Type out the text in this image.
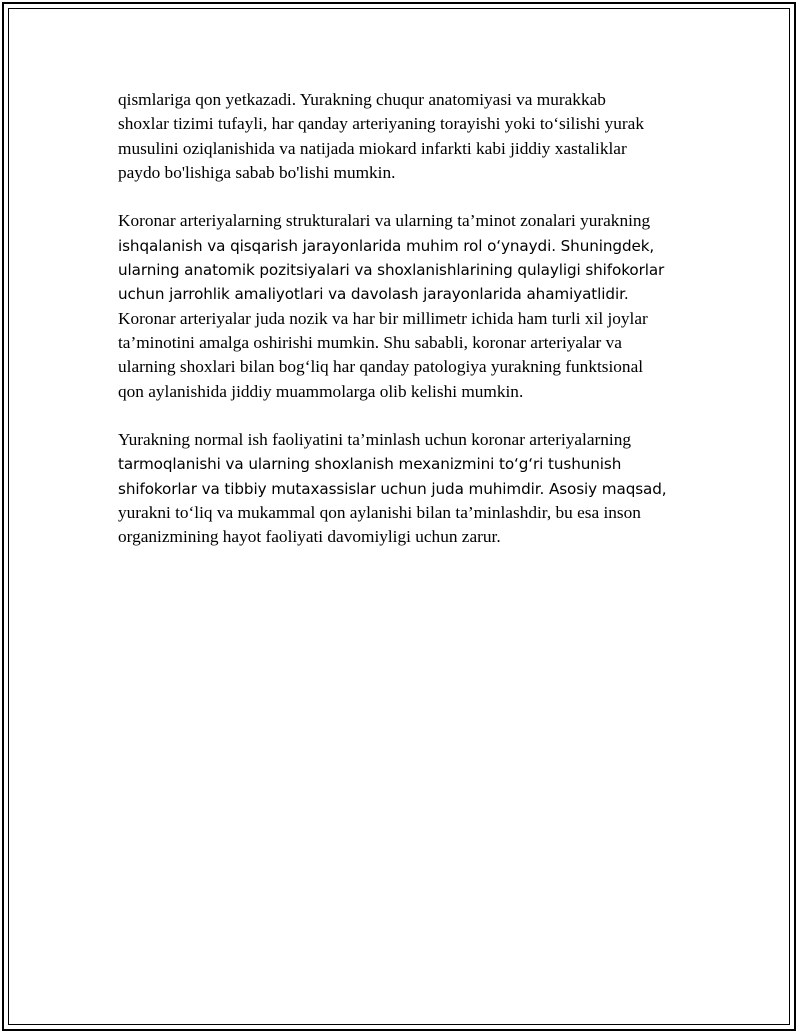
qismlariga qon yetkazadi. Yurakning chuqur anatomiyasi va murakkab
shoxlar tizimi tufayli, har qanday arteriyaning torayishi yoki to‘silishi yurak
musulini oziqlanishida va natijada miokard infarkti kabi jiddiy xastaliklar
paydo bo'lishiga sabab bo'lishi mumkin.
Koronar arteriyalarning strukturalari va ularning ta’minot zonalari yurakning
ishqalanish va qisqarish jarayonlarida muhim rol o‘ynaydi. Shuningdek,
ularning anatomik pozitsiyalari va shoxlanishlarining qulayligi shifokorlar
uchun jarrohlik amaliyotlari va davolash jarayonlarida ahamiyatlidir.
Koronar arteriyalar juda nozik va har bir millimetr ichida ham turli xil joylar
ta’minotini amalga oshirishi mumkin. Shu sababli, koronar arteriyalar va
ularning shoxlari bilan bog‘liq har qanday patologiya yurakning funktsional
qon aylanishida jiddiy muammolarga olib kelishi mumkin.
Yurakning normal ish faoliyatini ta’minlash uchun koronar arteriyalarning
tarmoqlanishi va ularning shoxlanish mexanizmini to‘g‘ri tushunish
shifokorlar va tibbiy mutaxassislar uchun juda muhimdir. Asosiy maqsad,
yurakni to‘liq va mukammal qon aylanishi bilan ta’minlashdir, bu esa inson
organizmining hayot faoliyati davomiyligi uchun zarur.
